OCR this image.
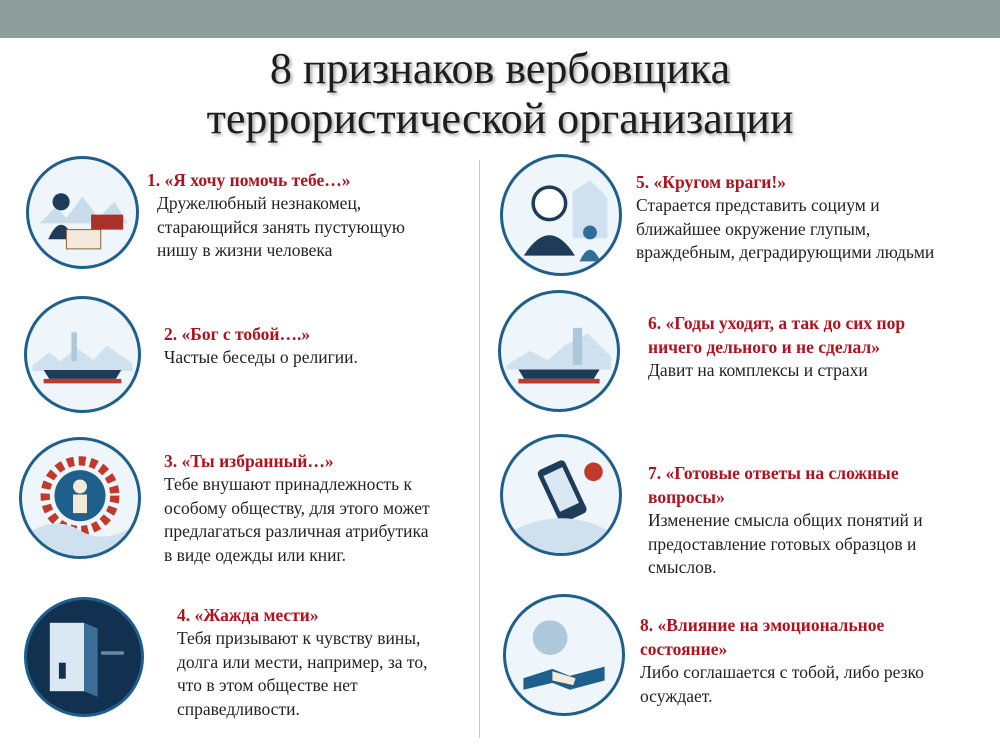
8 признаков вербовщика
террористической организации
1. «Я хочу помочь тебе…»
Дружелюбный незнакомец,
старающийся занять пустующую
нишу в жизни человека
2. «Бог с тобой….»
Частые беседы о религии.
3. «Ты избранный…»
Тебе внушают принадлежность к
особому обществу, для этого может
предлагаться различная атрибутика
в виде одежды или книг.
4. «Жажда мести»
Тебя призывают к чувству вины,
долга или мести, например, за то,
что в этом обществе нет
справедливости.
5. «Кругом враги!»
Старается представить социум и
ближайшее окружение глупым,
враждебным, деградирующими людьми
6. «Годы уходят, а так до сих пор
ничего дельного и не сделал»
Давит на комплексы и страхи
7. «Готовые ответы на сложные
вопросы»
Изменение смысла общих понятий и
предоставление готовых образцов и
смыслов.
8. «Влияние на эмоциональное
состояние»
Либо соглашается с тобой, либо резко
осуждает.
